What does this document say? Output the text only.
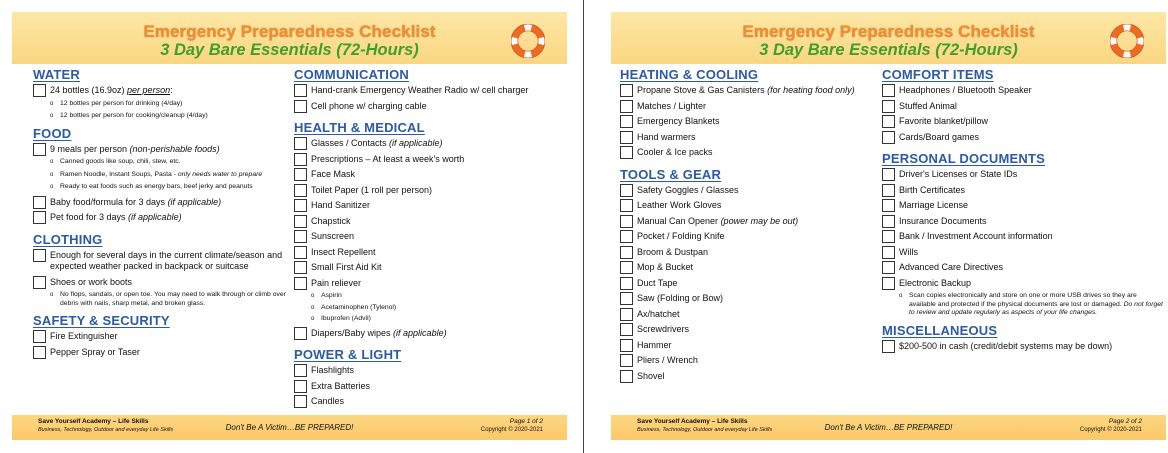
Emergency Preparedness Checklist
3 Day Bare Essentials (72-Hours)
WATER
24 bottles (16.9oz) per person:
o 12 bottles per person for drinking (4/day)
o 12 bottles per person for cooking/cleanup (4/day)
FOOD
9 meals per person (non-perishable foods)
o Canned goods like soup, chili, stew, etc.
o Ramen Noodle, Instant Soups, Pasta - only needs water to prepare
o Ready to eat foods such as energy bars, beef jerky and peanuts
Baby food/formula for 3 days (if applicable)
Pet food for 3 days (if applicable)
CLOTHING
Enough for several days in the current climate/season and expected weather packed in backpack or suitcase
Shoes or work boots
o No flops, sandals, or open toe. You may need to walk through or climb over debris with nails, sharp metal, and broken glass.
SAFETY & SECURITY
Fire Extinguisher
Pepper Spray or Taser
COMMUNICATION
Hand-crank Emergency Weather Radio w/ cell charger
Cell phone w/ charging cable
HEALTH & MEDICAL
Glasses / Contacts (if applicable)
Prescriptions – At least a week's worth
Face Mask
Toilet Paper (1 roll per person)
Hand Sanitizer
Chapstick
Sunscreen
Insect Repellent
Small First Aid Kit
Pain reliever
o Aspirin
o Acetaminophen (Tylenol)
o Ibuprofen (Advil)
Diapers/Baby wipes (if applicable)
POWER & LIGHT
Flashlights
Extra Batteries
Candles
Save Yourself Academy – Life Skills
Business, Technology, Outdoor and everyday Life Skills	Don't Be A Victim…BE PREPARED!
Page 1 of 2
Copyright © 2020-2021
Emergency Preparedness Checklist
3 Day Bare Essentials (72-Hours)
HEATING & COOLING
Propane Stove & Gas Canisters (for heating food only)
Matches / Lighter
Emergency Blankets
Hand warmers
Cooler & Ice packs
TOOLS & GEAR
Safety Goggles / Glasses
Leather Work Gloves
Manual Can Opener (power may be out)
Pocket / Folding Knife
Broom & Dustpan
Mop & Bucket
Duct Tape
Saw (Folding or Bow)
Ax/hatchet
Screwdrivers
Hammer
Pliers / Wrench
Shovel
COMFORT ITEMS
Headphones / Bluetooth Speaker
Stuffed Animal
Favorite blanket/pillow
Cards/Board games
PERSONAL DOCUMENTS
Driver's Licenses or State IDs
Birth Certificates
Marriage License
Insurance Documents
Bank / Investment Account information
Wills
Advanced Care Directives
Electronic Backup
o Scan copies electronically and store on one or more USB drives so they are available and protected if the physical documents are lost or damaged. Do not forget to review and update regularly as aspects of your life changes.
MISCELLANEOUS
$200-500 in cash (credit/debit systems may be down)
Save Yourself Academy – Life Skills
Business, Technology, Outdoor and everyday Life Skills	Don't Be A Victim…BE PREPARED!
Page 2 of 2
Copyright © 2020-2021
